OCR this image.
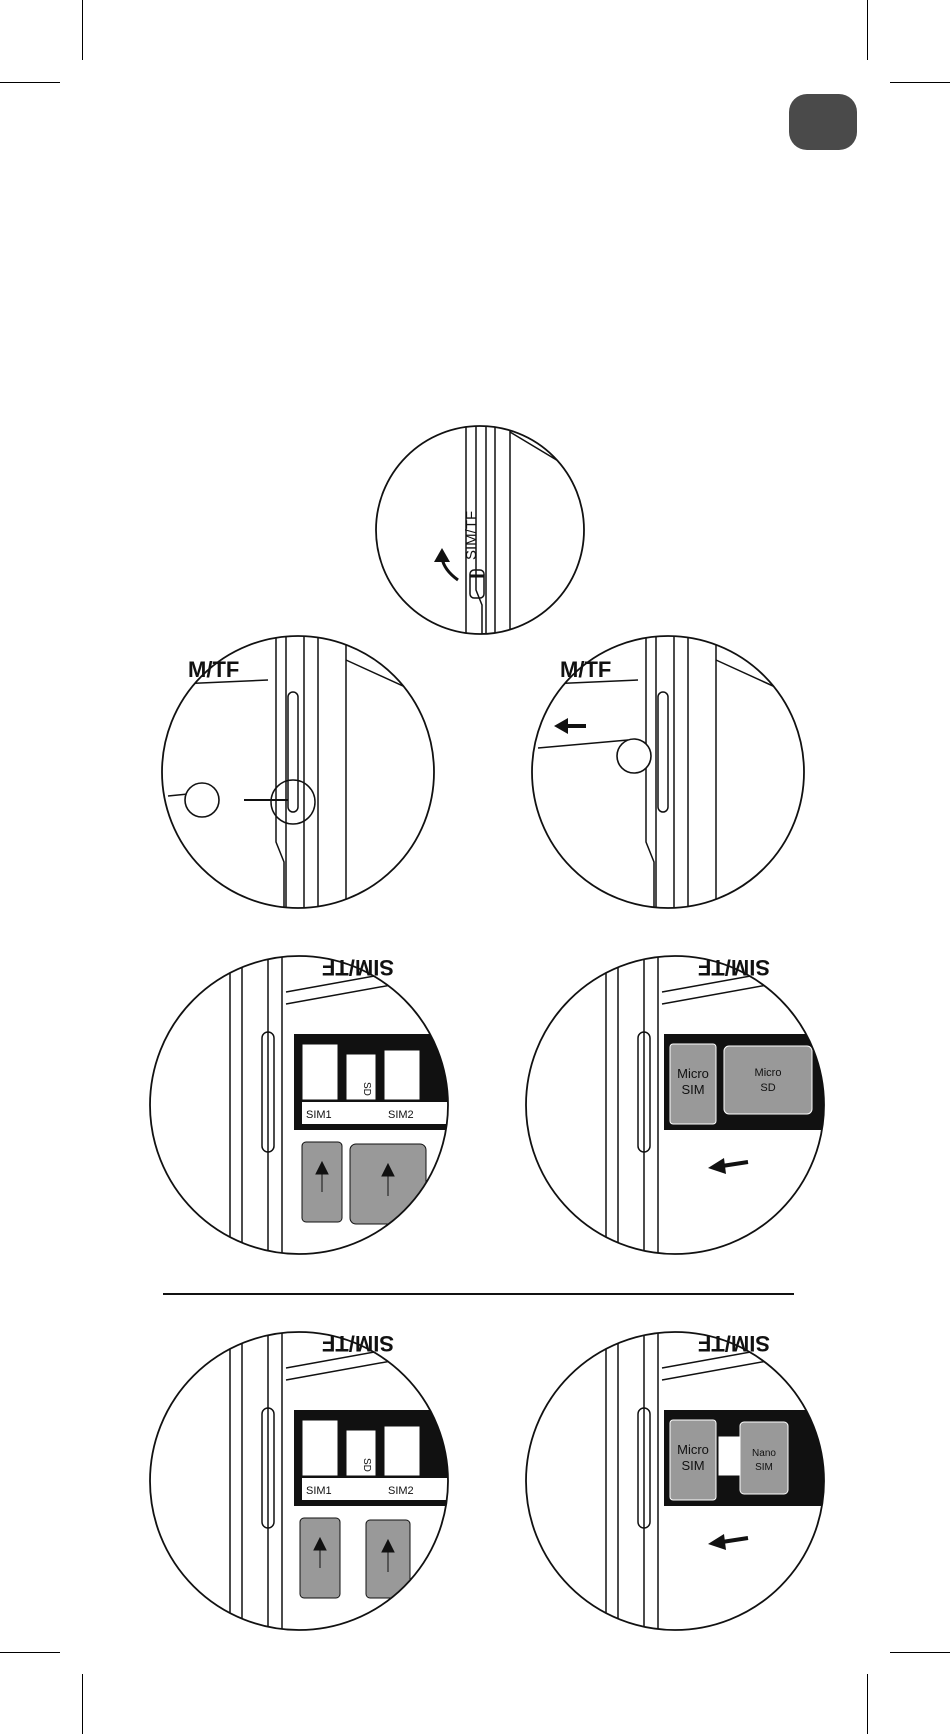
SIM/TF
M/TF	M/TF
SIM1
SD
SIM2
SIM/TF
Micro
SIM
Micro
SD
SIM/TF
SIM1
SD
SIM2
SIM/TF
Micro
SIM
Nano
SIM
SIM/TF
